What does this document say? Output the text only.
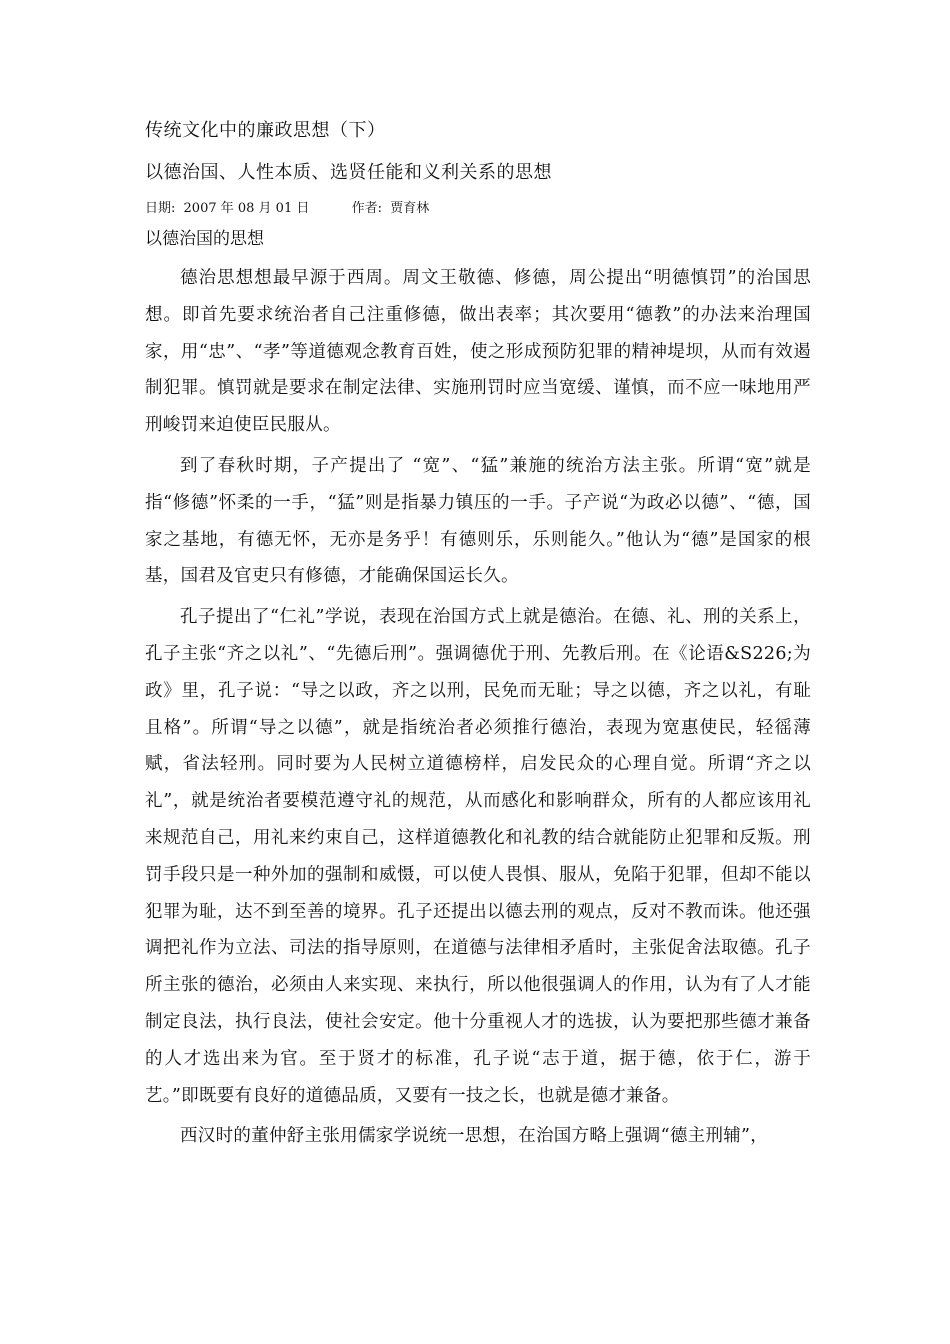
传统文化中的廉政思想（下）
以德治国、人性本质、选贤任能和义利关系的思想
日期: 2007 年 08 月 01 日	作者: 贾育林
以德治国的思想

德治思想想最早源于西周。周文王敬德、修德，周公提出“明德慎罚”的治国思想。即首先要求统治者自己注重修德，做出表率；其次要用“德教”的办法来治理国家，用“忠”、“孝”等道德观念教育百姓，使之形成预防犯罪的精神堤坝，从而有效遏制犯罪。慎罚就是要求在制定法律、实施刑罚时应当宽缓、谨慎，而不应一味地用严刑峻罚来迫使臣民服从。

到了春秋时期，子产提出了 “宽”、“猛”兼施的统治方法主张。所谓“宽”就是指“修德”怀柔的一手，“猛”则是指暴力镇压的一手。子产说“为政必以德”、“德，国家之基地，有德无怀，无亦是务乎！有德则乐，乐则能久。”他认为“德”是国家的根基，国君及官吏只有修德，才能确保国运长久。

孔子提出了“仁礼”学说，表现在治国方式上就是德治。在德、礼、刑的关系上，孔子主张“齐之以礼”、“先德后刑”。强调德优于刑、先教后刑。在《论语&S226;为政》里，孔子说：“导之以政，齐之以刑，民免而无耻；导之以德，齐之以礼，有耻且格”。所谓“导之以德”，就是指统治者必须推行德治，表现为宽惠使民，轻徭薄赋，省法轻刑。同时要为人民树立道德榜样，启发民众的心理自觉。所谓“齐之以礼”，就是统治者要模范遵守礼的规范，从而感化和影响群众，所有的人都应该用礼来规范自己，用礼来约束自己，这样道德教化和礼教的结合就能防止犯罪和反叛。刑罚手段只是一种外加的强制和威慑，可以使人畏惧、服从，免陷于犯罪，但却不能以犯罪为耻，达不到至善的境界。孔子还提出以德去刑的观点，反对不教而诛。他还强调把礼作为立法、司法的指导原则，在道德与法律相矛盾时，主张促舍法取德。孔子所主张的德治，必须由人来实现、来执行，所以他很强调人的作用，认为有了人才能制定良法，执行良法，使社会安定。他十分重视人才的选拔，认为要把那些德才兼备的人才选出来为官。至于贤才的标准，孔子说“志于道，据于德，依于仁，游于艺。”即既要有良好的道德品质，又要有一技之长，也就是德才兼备。

西汉时的董仲舒主张用儒家学说统一思想，在治国方略上强调“德主刑辅”，
